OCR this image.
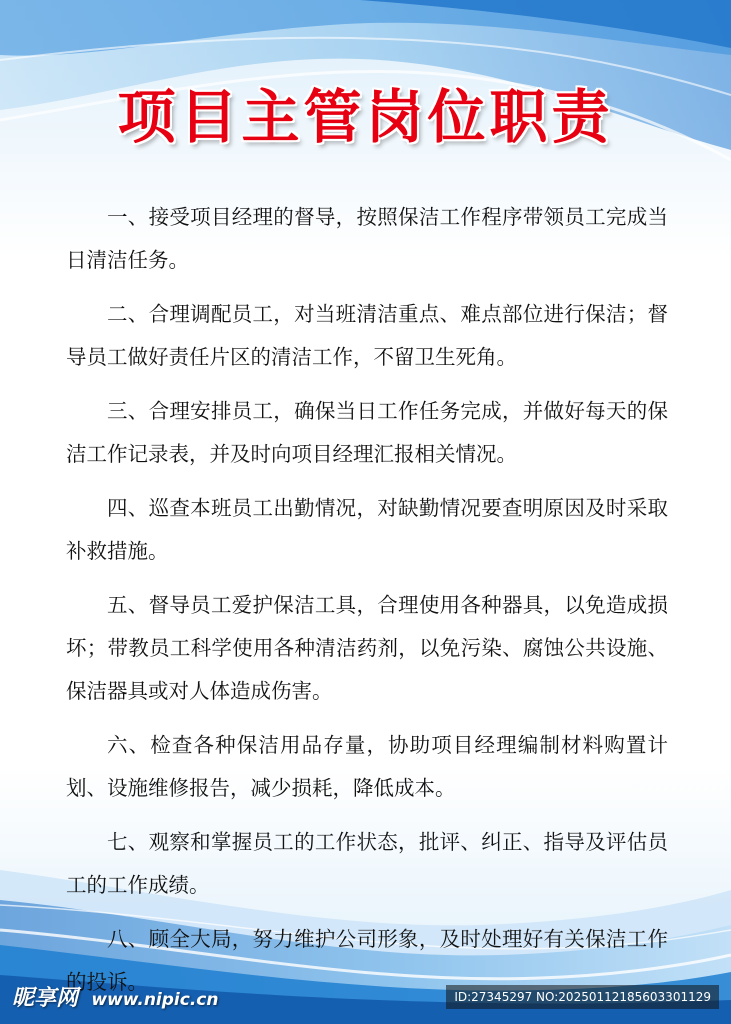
项目主管岗位职责

一、接受项目经理的督导，按照保洁工作程序带领员工完成当日清洁任务。

二、合理调配员工，对当班清洁重点、难点部位进行保洁；督导员工做好责任片区的清洁工作，不留卫生死角。

三、合理安排员工，确保当日工作任务完成，并做好每天的保洁工作记录表，并及时向项目经理汇报相关情况。

四、巡查本班员工出勤情况，对缺勤情况要查明原因及时采取补救措施。

五、督导员工爱护保洁工具，合理使用各种器具，以免造成损坏；带教员工科学使用各种清洁药剂，以免污染、腐蚀公共设施、保洁器具或对人体造成伤害。

六、检查各种保洁用品存量，协助项目经理编制材料购置计划、设施维修报告，减少损耗，降低成本。

七、观察和掌握员工的工作状态，批评、纠正、指导及评估员工的工作成绩。

八、顾全大局，努力维护公司形象，及时处理好有关保洁工作的投诉。

昵享网 www.nipic.cn	ID:27345297 NO:20250112185603301129
